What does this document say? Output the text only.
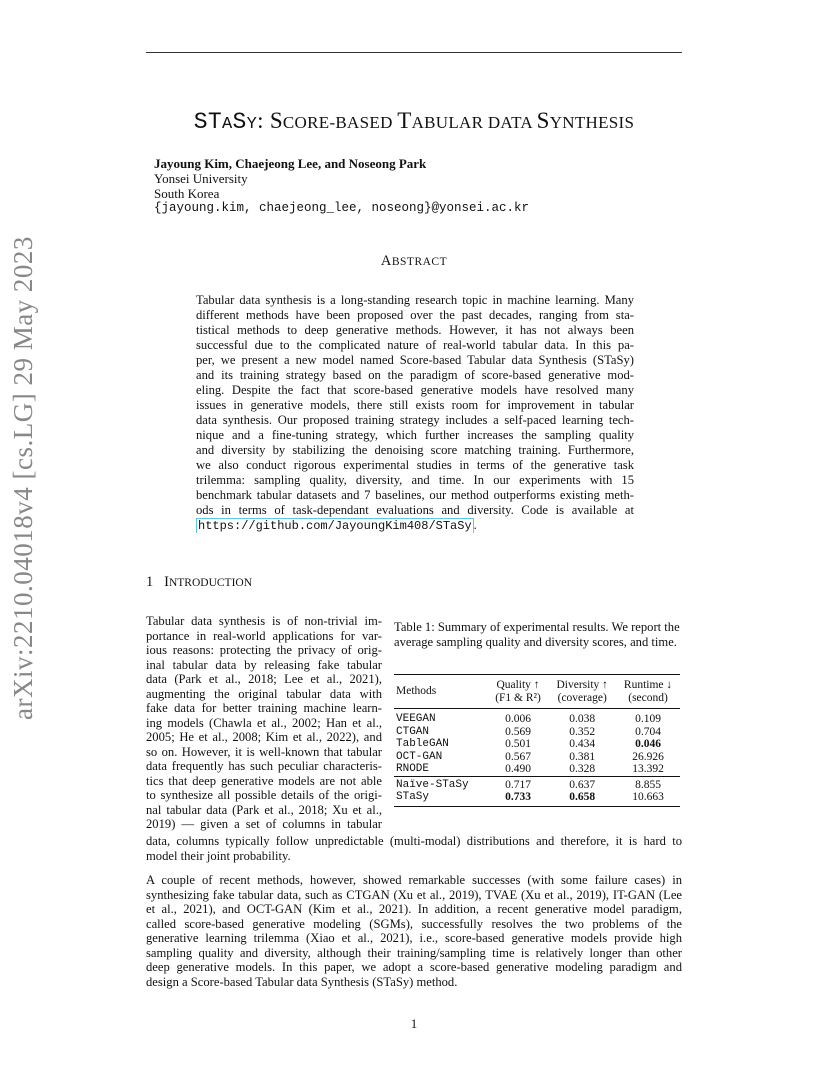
arXiv:2210.04018v4 [cs.LG] 29 May 2023
STASY: SCORE-BASED TABULAR DATA SYNTHESIS
Jayoung Kim, Chaejeong Lee, and Noseong Park
Yonsei University
South Korea
{jayoung.kim, chaejeong_lee, noseong}@yonsei.ac.kr
ABSTRACT
Tabular data synthesis is a long-standing research topic in machine learning. Many
different methods have been proposed over the past decades, ranging from sta-
tistical methods to deep generative methods. However, it has not always been
successful due to the complicated nature of real-world tabular data. In this pa-
per, we present a new model named Score-based Tabular data Synthesis (STaSy)
and its training strategy based on the paradigm of score-based generative mod-
eling. Despite the fact that score-based generative models have resolved many
issues in generative models, there still exists room for improvement in tabular
data synthesis. Our proposed training strategy includes a self-paced learning tech-
nique and a fine-tuning strategy, which further increases the sampling quality
and diversity by stabilizing the denoising score matching training. Furthermore,
we also conduct rigorous experimental studies in terms of the generative task
trilemma: sampling quality, diversity, and time. In our experiments with 15
benchmark tabular datasets and 7 baselines, our method outperforms existing meth-
ods in terms of task-dependant evaluations and diversity. Code is available at
https://github.com/JayoungKim408/STaSy .
1 INTRODUCTION
Tabular data synthesis is of non-trivial im-
portance in real-world applications for var-
ious reasons: protecting the privacy of orig-
inal tabular data by releasing fake tabular
data (Park et al., 2018; Lee et al., 2021),
augmenting the original tabular data with
fake data for better training machine learn-
ing models (Chawla et al., 2002; Han et al.,
2005; He et al., 2008; Kim et al., 2022), and
so on. However, it is well-known that tabular
data frequently has such peculiar characteris-
tics that deep generative models are not able
to synthesize all possible details of the origi-
nal tabular data (Park et al., 2018; Xu et al.,
2019) — given a set of columns in tabular
Table 1: Summary of experimental results. We report the average sampling quality and diversity scores, and time.
Methods	Quality ↑	Diversity ↑	Runtime ↓
	(F1 & R²)	(coverage)	(second)
VEEGAN	0.006	0.038	0.109
CTGAN	0.569	0.352	0.704
TableGAN	0.501	0.434	0.046
OCT-GAN	0.567	0.381	26.926
RNODE	0.490	0.328	13.392
Naïve-STaSy	0.717	0.637	8.855
STaSy	0.733	0.658	10.663
data, columns typically follow unpredictable (multi-modal) distributions and therefore, it is hard to
model their joint probability.
A couple of recent methods, however, showed remarkable successes (with some failure cases) in
synthesizing fake tabular data, such as CTGAN (Xu et al., 2019), TVAE (Xu et al., 2019), IT-GAN (Lee
et al., 2021), and OCT-GAN (Kim et al., 2021). In addition, a recent generative model paradigm,
called score-based generative modeling (SGMs), successfully resolves the two problems of the
generative learning trilemma (Xiao et al., 2021), i.e., score-based generative models provide high
sampling quality and diversity, although their training/sampling time is relatively longer than other
deep generative models. In this paper, we adopt a score-based generative modeling paradigm and
design a Score-based Tabular data Synthesis (STaSy) method.
1
